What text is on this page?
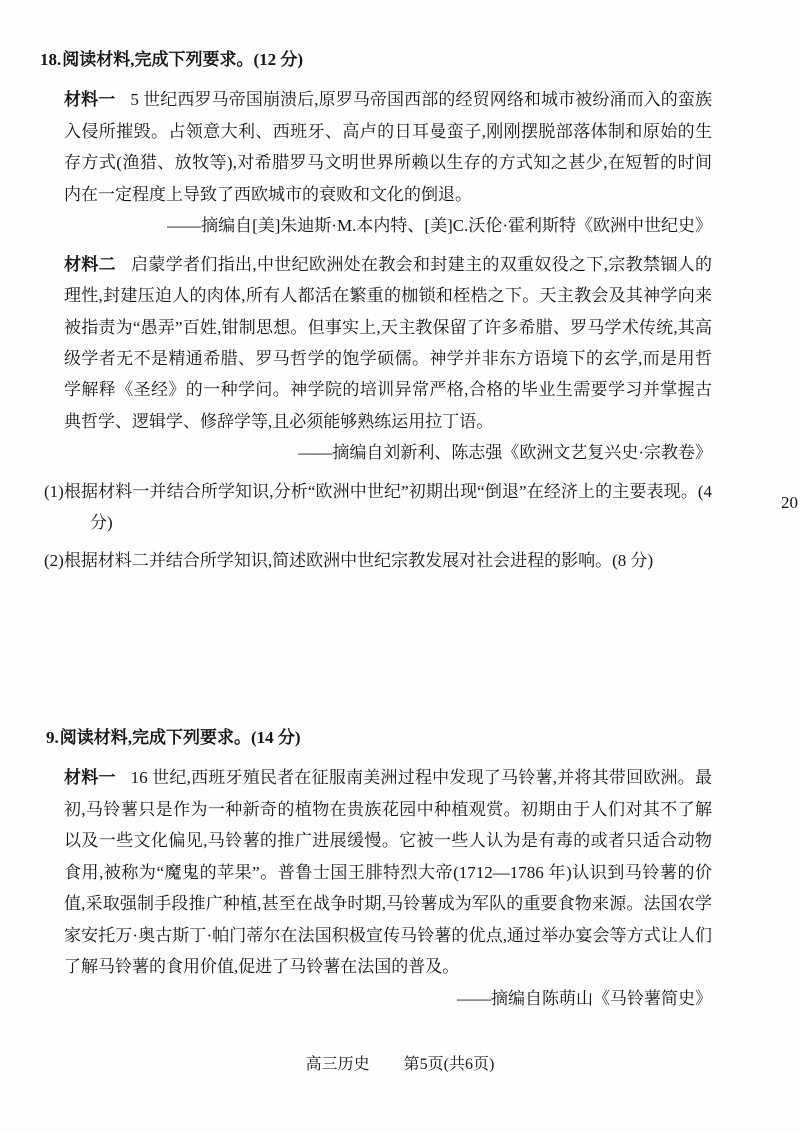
18.阅读材料,完成下列要求。(12 分)

材料一 5 世纪西罗马帝国崩溃后,原罗马帝国西部的经贸网络和城市被纷涌而入的蛮族入侵所摧毁。占领意大利、西班牙、高卢的日耳曼蛮子,刚刚摆脱部落体制和原始的生存方式(渔猎、放牧等),对希腊罗马文明世界所赖以生存的方式知之甚少,在短暂的时间内在一定程度上导致了西欧城市的衰败和文化的倒退。

——摘编自[美]朱迪斯·M.本内特、[美]C.沃伦·霍利斯特《欧洲中世纪史》

材料二 启蒙学者们指出,中世纪欧洲处在教会和封建主的双重奴役之下,宗教禁锢人的理性,封建压迫人的肉体,所有人都活在繁重的枷锁和桎梏之下。天主教会及其神学向来被指责为“愚弄”百姓,钳制思想。但事实上,天主教保留了许多希腊、罗马学术传统,其高级学者无不是精通希腊、罗马哲学的饱学硕儒。神学并非东方语境下的玄学,而是用哲学解释《圣经》的一种学问。神学院的培训异常严格,合格的毕业生需要学习并掌握古典哲学、逻辑学、修辞学等,且必须能够熟练运用拉丁语。

——摘编自刘新利、陈志强《欧洲文艺复兴史·宗教卷》

(1)根据材料一并结合所学知识,分析“欧洲中世纪”初期出现“倒退”在经济上的主要表现。(4 分)

(2)根据材料二并结合所学知识,简述欧洲中世纪宗教发展对社会进程的影响。(8 分)

9.阅读材料,完成下列要求。(14 分)

材料一 16 世纪,西班牙殖民者在征服南美洲过程中发现了马铃薯,并将其带回欧洲。最初,马铃薯只是作为一种新奇的植物在贵族花园中种植观赏。初期由于人们对其不了解以及一些文化偏见,马铃薯的推广进展缓慢。它被一些人认为是有毒的或者只适合动物食用,被称为“魔鬼的苹果”。普鲁士国王腓特烈大帝(1712—1786 年)认识到马铃薯的价值,采取强制手段推广种植,甚至在战争时期,马铃薯成为军队的重要食物来源。法国农学家安托万·奥古斯丁·帕门蒂尔在法国积极宣传马铃薯的优点,通过举办宴会等方式让人们了解马铃薯的食用价值,促进了马铃薯在法国的普及。

——摘编自陈萌山《马铃薯简史》

20
高三历史 第5页(共6页)
